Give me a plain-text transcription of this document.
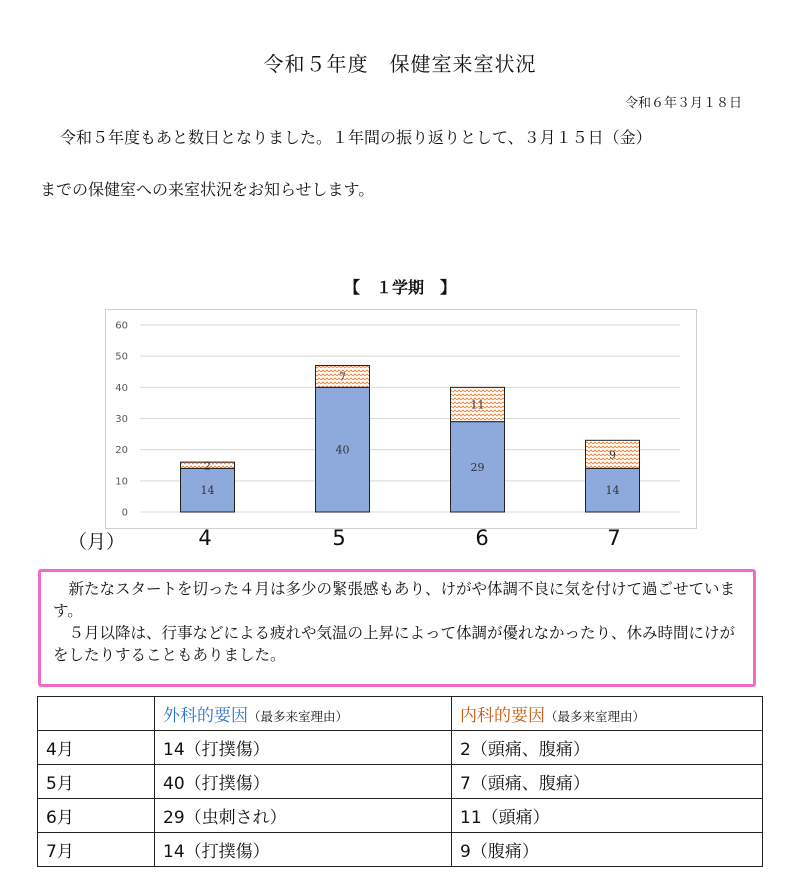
令和５年度　保健室来室状況
令和６年３月１８日
令和５年度もあと数日となりました。１年間の振り返りとして、３月１５日（金）
までの保健室への来室状況をお知らせします。
【　１学期　】
0
10
20
30
40
50
60
14
2
40
7
29
11
14
9
（月）	4	5	6	7

新たなスタートを切った４月は多少の緊張感もあり、けがや体調不良に気を付けて過ごせています。

５月以降は、行事などによる疲れや気温の上昇によって体調が優れなかったり、休み時間にけがをしたりすることもありました。

	外科的要因（最多来室理由）	内科的要因（最多来室理由）
4月	14（打撲傷）	2（頭痛、腹痛）
5月	40（打撲傷）	7（頭痛、腹痛）
6月	29（虫刺され）	11（頭痛）
7月	14（打撲傷）	9（腹痛）
